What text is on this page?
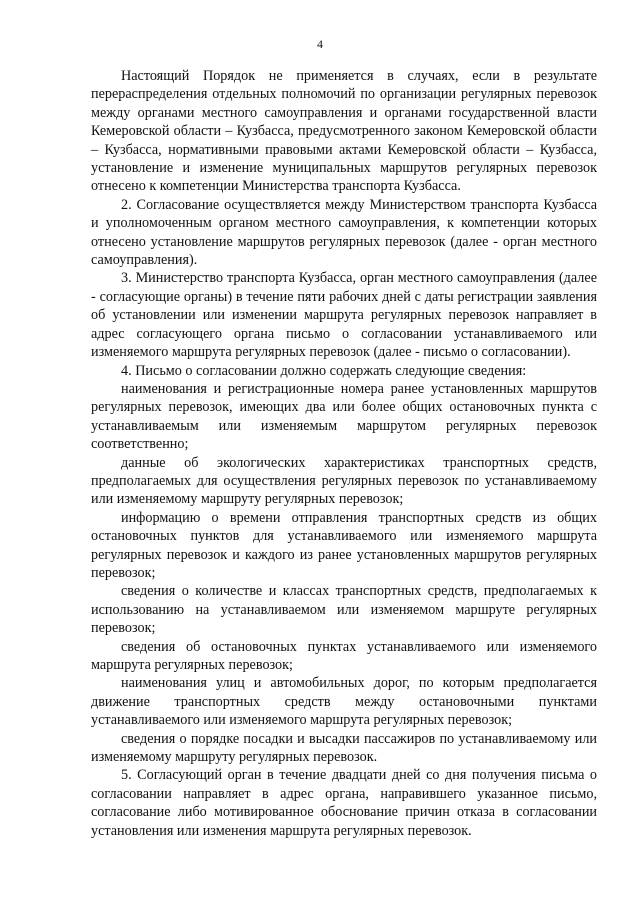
4

Настоящий Порядок не применяется в случаях, если в результате перераспределения отдельных полномочий по организации регулярных перевозок между органами местного самоуправления и органами государственной власти Кемеровской области – Кузбасса, предусмотренного законом Кемеровской области – Кузбасса, нормативными правовыми актами Кемеровской области – Кузбасса, установление и изменение муниципальных маршрутов регулярных перевозок отнесено к компетенции Министерства транспорта Кузбасса.

2. Согласование осуществляется между Министерством транспорта Кузбасса и уполномоченным органом местного самоуправления, к компетенции которых отнесено установление маршрутов регулярных перевозок (далее - орган местного самоуправления).

3. Министерство транспорта Кузбасса, орган местного самоуправления (далее - согласующие органы) в течение пяти рабочих дней с даты регистрации заявления об установлении или изменении маршрута регулярных перевозок направляет в адрес согласующего органа письмо о согласовании устанавливаемого или изменяемого маршрута регулярных перевозок (далее - письмо о согласовании).

4. Письмо о согласовании должно содержать следующие сведения:

наименования и регистрационные номера ранее установленных маршрутов регулярных перевозок, имеющих два или более общих остановочных пункта с устанавливаемым или изменяемым маршрутом регулярных перевозок соответственно;

данные об экологических характеристиках транспортных средств, предполагаемых для осуществления регулярных перевозок по устанавливаемому или изменяемому маршруту регулярных перевозок;

информацию о времени отправления транспортных средств из общих остановочных пунктов для устанавливаемого или изменяемого маршрута регулярных перевозок и каждого из ранее установленных маршрутов регулярных перевозок;

сведения о количестве и классах транспортных средств, предполагаемых к использованию на устанавливаемом или изменяемом маршруте регулярных перевозок;

сведения об остановочных пунктах устанавливаемого или изменяемого маршрута регулярных перевозок;

наименования улиц и автомобильных дорог, по которым предполагается движение транспортных средств между остановочными пунктами устанавливаемого или изменяемого маршрута регулярных перевозок;

сведения о порядке посадки и высадки пассажиров по устанавливаемому или изменяемому маршруту регулярных перевозок.

5. Согласующий орган в течение двадцати дней со дня получения письма о согласовании направляет в адрес органа, направившего указанное письмо, согласование либо мотивированное обоснование причин отказа в согласовании установления или изменения маршрута регулярных перевозок.
